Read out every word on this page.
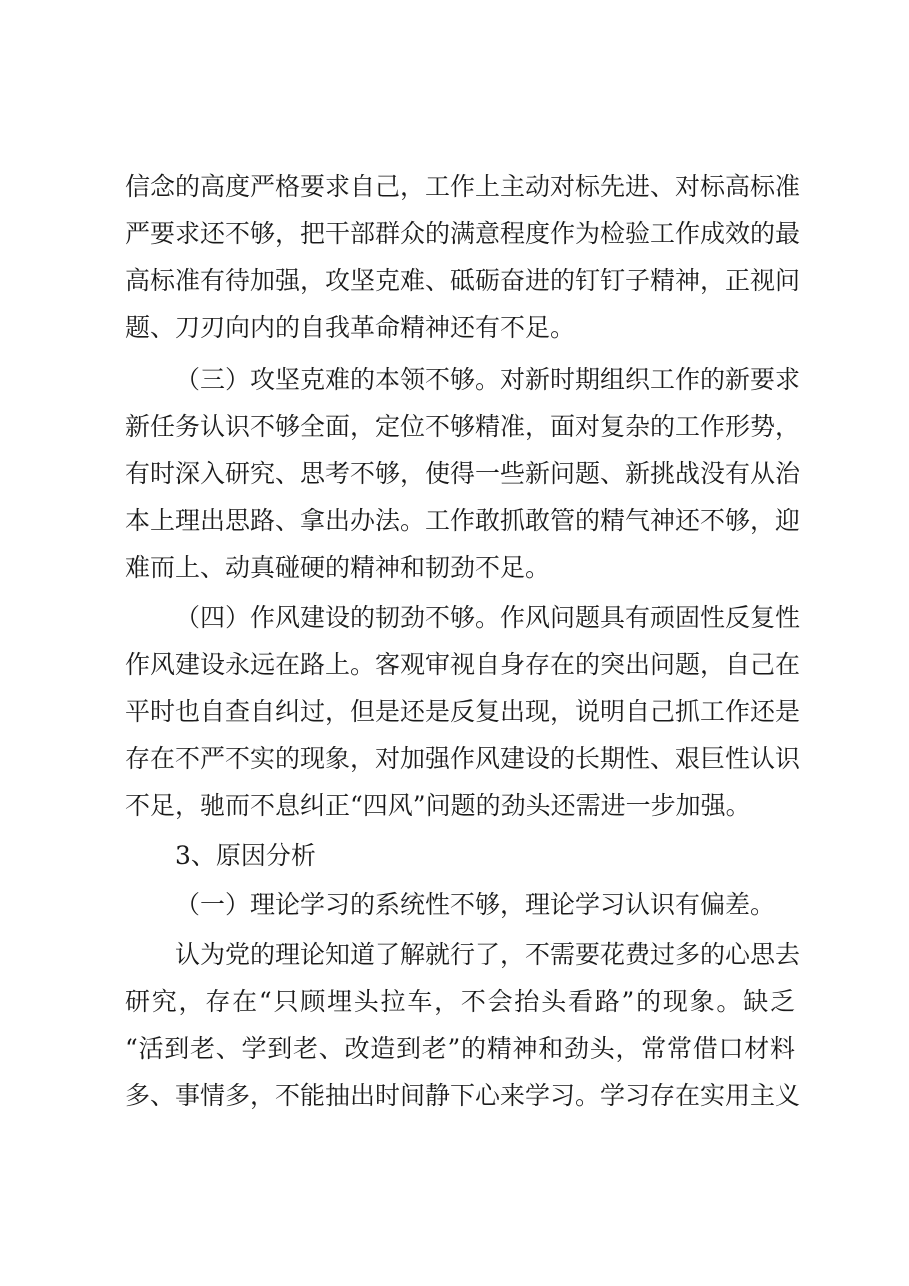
信念的高度严格要求自己，工作上主动对标先进、对标高标准
严要求还不够，把干部群众的满意程度作为检验工作成效的最
高标准有待加强，攻坚克难、砥砺奋进的钉钉子精神，正视问
题、刀刃向内的自我革命精神还有不足。
（三）攻坚克难的本领不够。对新时期组织工作的新要求
新任务认识不够全面，定位不够精准，面对复杂的工作形势，
有时深入研究、思考不够，使得一些新问题、新挑战没有从治
本上理出思路、拿出办法。工作敢抓敢管的精气神还不够，迎
难而上、动真碰硬的精神和韧劲不足。
（四）作风建设的韧劲不够。作风问题具有顽固性反复性
作风建设永远在路上。客观审视自身存在的突出问题，自己在
平时也自查自纠过，但是还是反复出现，说明自己抓工作还是
存在不严不实的现象，对加强作风建设的长期性、艰巨性认识
不足，驰而不息纠正“四风”问题的劲头还需进一步加强。
3、原因分析
（一）理论学习的系统性不够，理论学习认识有偏差。
认为党的理论知道了解就行了，不需要花费过多的心思去
研究，存在“只顾埋头拉车，不会抬头看路”的现象。缺乏
“活到老、学到老、改造到老”的精神和劲头，常常借口材料
多、事情多，不能抽出时间静下心来学习。学习存在实用主义
